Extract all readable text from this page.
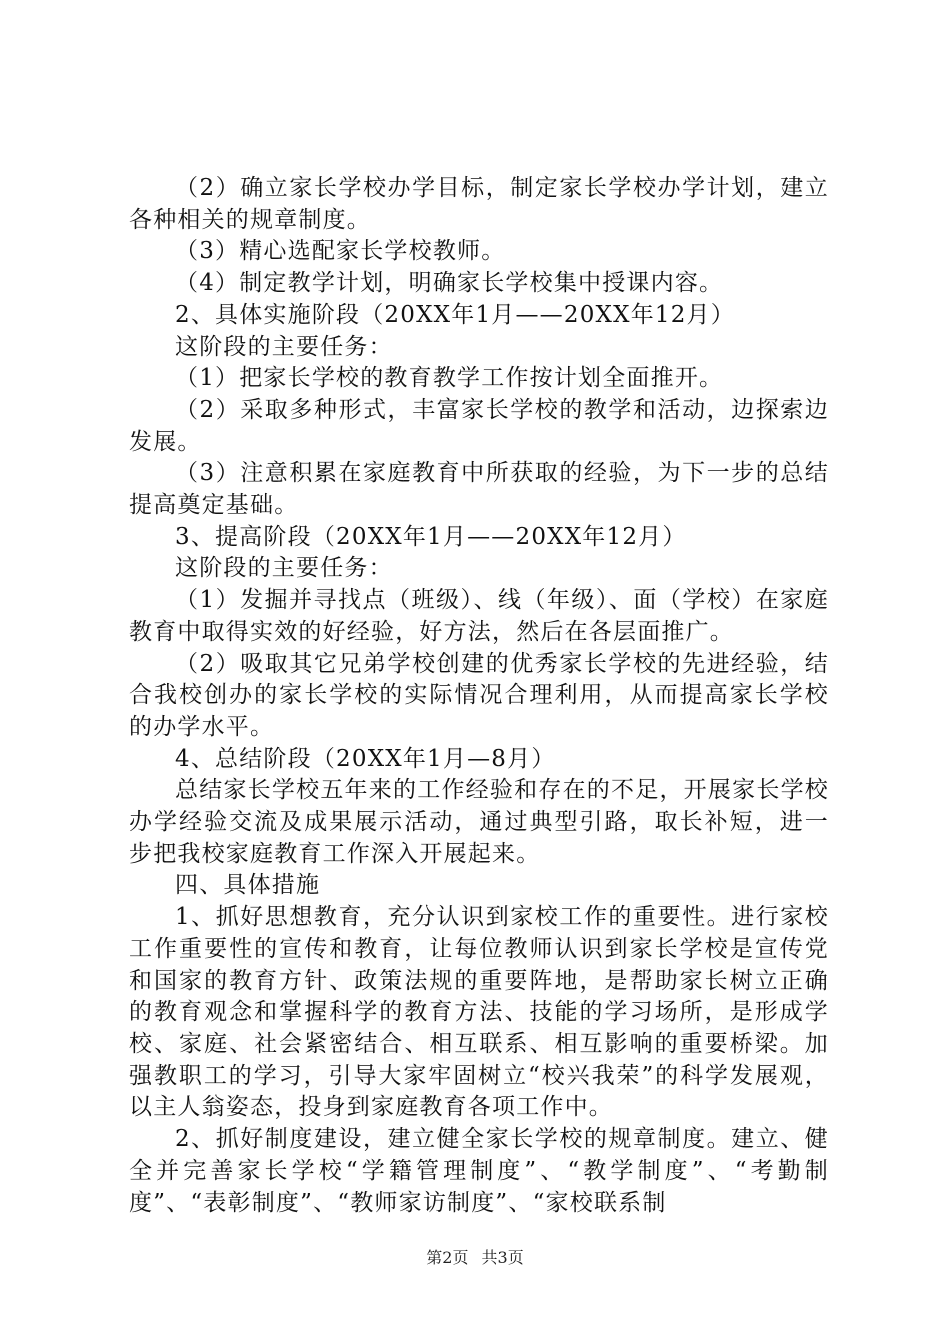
（2）确立家长学校办学目标，制定家长学校办学计划，建立各种相关的规章制度。

（3）精心选配家长学校教师。

（4）制定教学计划，明确家长学校集中授课内容。

2、具体实施阶段（20XX年1月——20XX年12月）

这阶段的主要任务：

（1）把家长学校的教育教学工作按计划全面推开。

（2）采取多种形式，丰富家长学校的教学和活动，边探索边发展。

（3）注意积累在家庭教育中所获取的经验，为下一步的总结提高奠定基础。

3、提高阶段（20XX年1月——20XX年12月）

这阶段的主要任务：

（1）发掘并寻找点（班级）、线（年级）、面（学校）在家庭教育中取得实效的好经验，好方法，然后在各层面推广。

（2）吸取其它兄弟学校创建的优秀家长学校的先进经验，结合我校创办的家长学校的实际情况合理利用，从而提高家长学校的办学水平。

4、总结阶段（20XX年1月—8月）

总结家长学校五年来的工作经验和存在的不足，开展家长学校办学经验交流及成果展示活动，通过典型引路，取长补短，进一步把我校家庭教育工作深入开展起来。

四、具体措施

1、抓好思想教育，充分认识到家校工作的重要性。进行家校工作重要性的宣传和教育，让每位教师认识到家长学校是宣传党和国家的教育方针、政策法规的重要阵地，是帮助家长树立正确的教育观念和掌握科学的教育方法、技能的学习场所，是形成学校、家庭、社会紧密结合、相互联系、相互影响的重要桥梁。加强教职工的学习，引导大家牢固树立“校兴我荣”的科学发展观，以主人翁姿态，投身到家庭教育各项工作中。

2、抓好制度建设，建立健全家长学校的规章制度。建立、健全并完善家长学校“学籍管理制度”、“教学制度”、“考勤制度”、“表彰制度”、“教师家访制度”、“家校联系制

第2页 共3页
